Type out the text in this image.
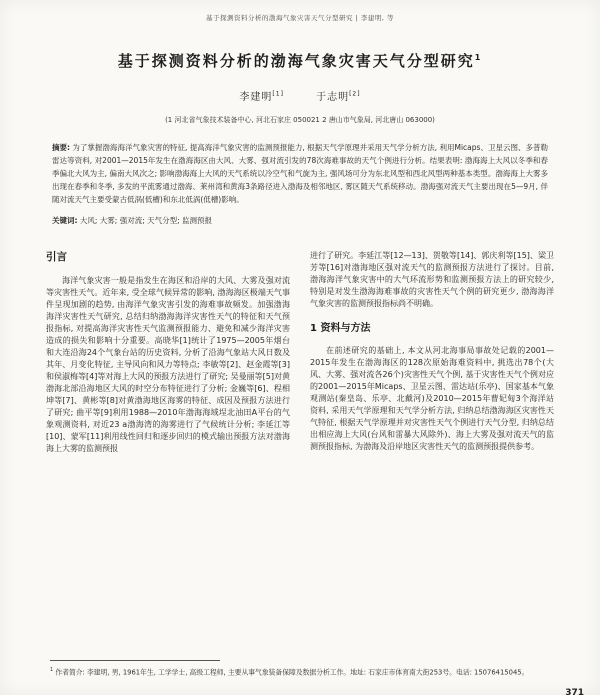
基于探测资料分析的渤海气象灾害天气分型研究 | 李建明, 等
基于探测资料分析的渤海气象灾害天气分型研究$^1$
李建明[1]	于志明[2]
(1 河北省气象技术装备中心, 河北石家庄 050021 2 唐山市气象局, 河北唐山 063000)

摘要: 为了掌握渤海海洋气象灾害的特征, 提高海洋气象灾害的监测预报能力, 根据天气学原理并采用天气学分析方法, 利用Micaps、卫星云图、多普勒雷达等资料, 对2001—2015年发生在渤海海区由大风、大雾、强对流引发的78次海难事故的天气个例进行分析。结果表明: 渤海海上大风以冬季和春季偏北大风为主, 偏南大风次之; 影响渤海海上大风的天气系统以冷空气和气旋为主, 强风场可分为东北风型和西北风型两种基本类型。渤海海上大雾多出现在春季和冬季, 多发的平流雾通过渤海、莱州湾和黄海3条路径进入渤海及相邻地区, 雾区随天气系统移动。渤海强对流天气主要出现在5—9月, 伴随对流天气主要受蒙古低涡(低槽)和东北低涡(低槽)影响。

关键词: 大风; 大雾; 强对流; 天气分型; 监测预报

引言

海洋气象灾害一般是指发生在海区和沿岸的大风、大雾及强对流等灾害性天气。近年来, 受全球气候异常的影响, 渤海海区极端天气事件呈现加剧的趋势, 由海洋气象灾害引发的海难事故频发。加强渤海海洋灾害性天气研究, 总结归纳渤海海洋灾害性天气的特征和天气预报指标, 对提高海洋灾害性天气监测预报能力、避免和减少海洋灾害造成的损失和影响十分重要。高晓华[1]统计了1975—2005年烟台和大连沿海24个气象台站的历史资料, 分析了沿海气象站大风日数及其年、月变化特征, 主导风向和风力等特点; 李敏等[2]、赵金霞等[3]和侯淑梅等[4]等对海上大风的预报方法进行了研究; 吴曼丽等[5]对黄渤海北部沿海地区大风的时空分布特征进行了分析; 金巍等[6]、程相坤等[7]、黄彬等[8]对黄渤海地区海雾的特征、成因及预报方法进行了研究; 曲平等[9]利用1988—2010年渤海海域埕北油田A平台的气象观测资料, 对近23 a渤海湾的海雾进行了气候统计分析; 李延江等[10]、蒙军[11]利用线性回归和逐步回归的模式输出预报方法对渤海海上大雾的监测预报

进行了研究。李延江等[12—13]、贺敬等[14]、郭庆利等[15]、梁卫芳等[16]对渤海地区强对流天气的监测预报方法进行了探讨。目前, 渤海海洋气象灾害中的大气环流形势和监测预报方法上的研究较少, 特别是对发生渤海海难事故的灾害性天气个例的研究更少, 渤海海洋气象灾害的监测预报指标尚不明确。

1 资料与方法

在前述研究的基础上, 本文从河北海事局事故处记载的2001—2015年发生在渤海海区的128次原始海难资料中, 挑选出78个(大风、大雾、强对流各26个)灾害性天气个例, 基于灾害性天气个例对应的2001—2015年Micaps、卫星云图、雷达站(乐亭)、国家基本气象观测站(秦皇岛、乐亭、北戴河)及2010—2015年曹妃甸3个海洋站资料, 采用天气学原理和天气学分析方法, 归纳总结渤海海区灾害性天气特征, 根据天气学原理并对灾害性天气个例进行天气分型, 归纳总结出相应海上大风(台风和雷暴大风除外)、海上大雾及强对流天气的监测预报指标, 为渤海及沿岸地区灾害性天气的监测预报提供参考。

$^1$ 作者简介: 李建明, 男, 1961年生, 工学学士, 高级工程师, 主要从事气象装备保障及数据分析工作。地址: 石家庄市体育南大街253号。电话: 15076415045。

371
